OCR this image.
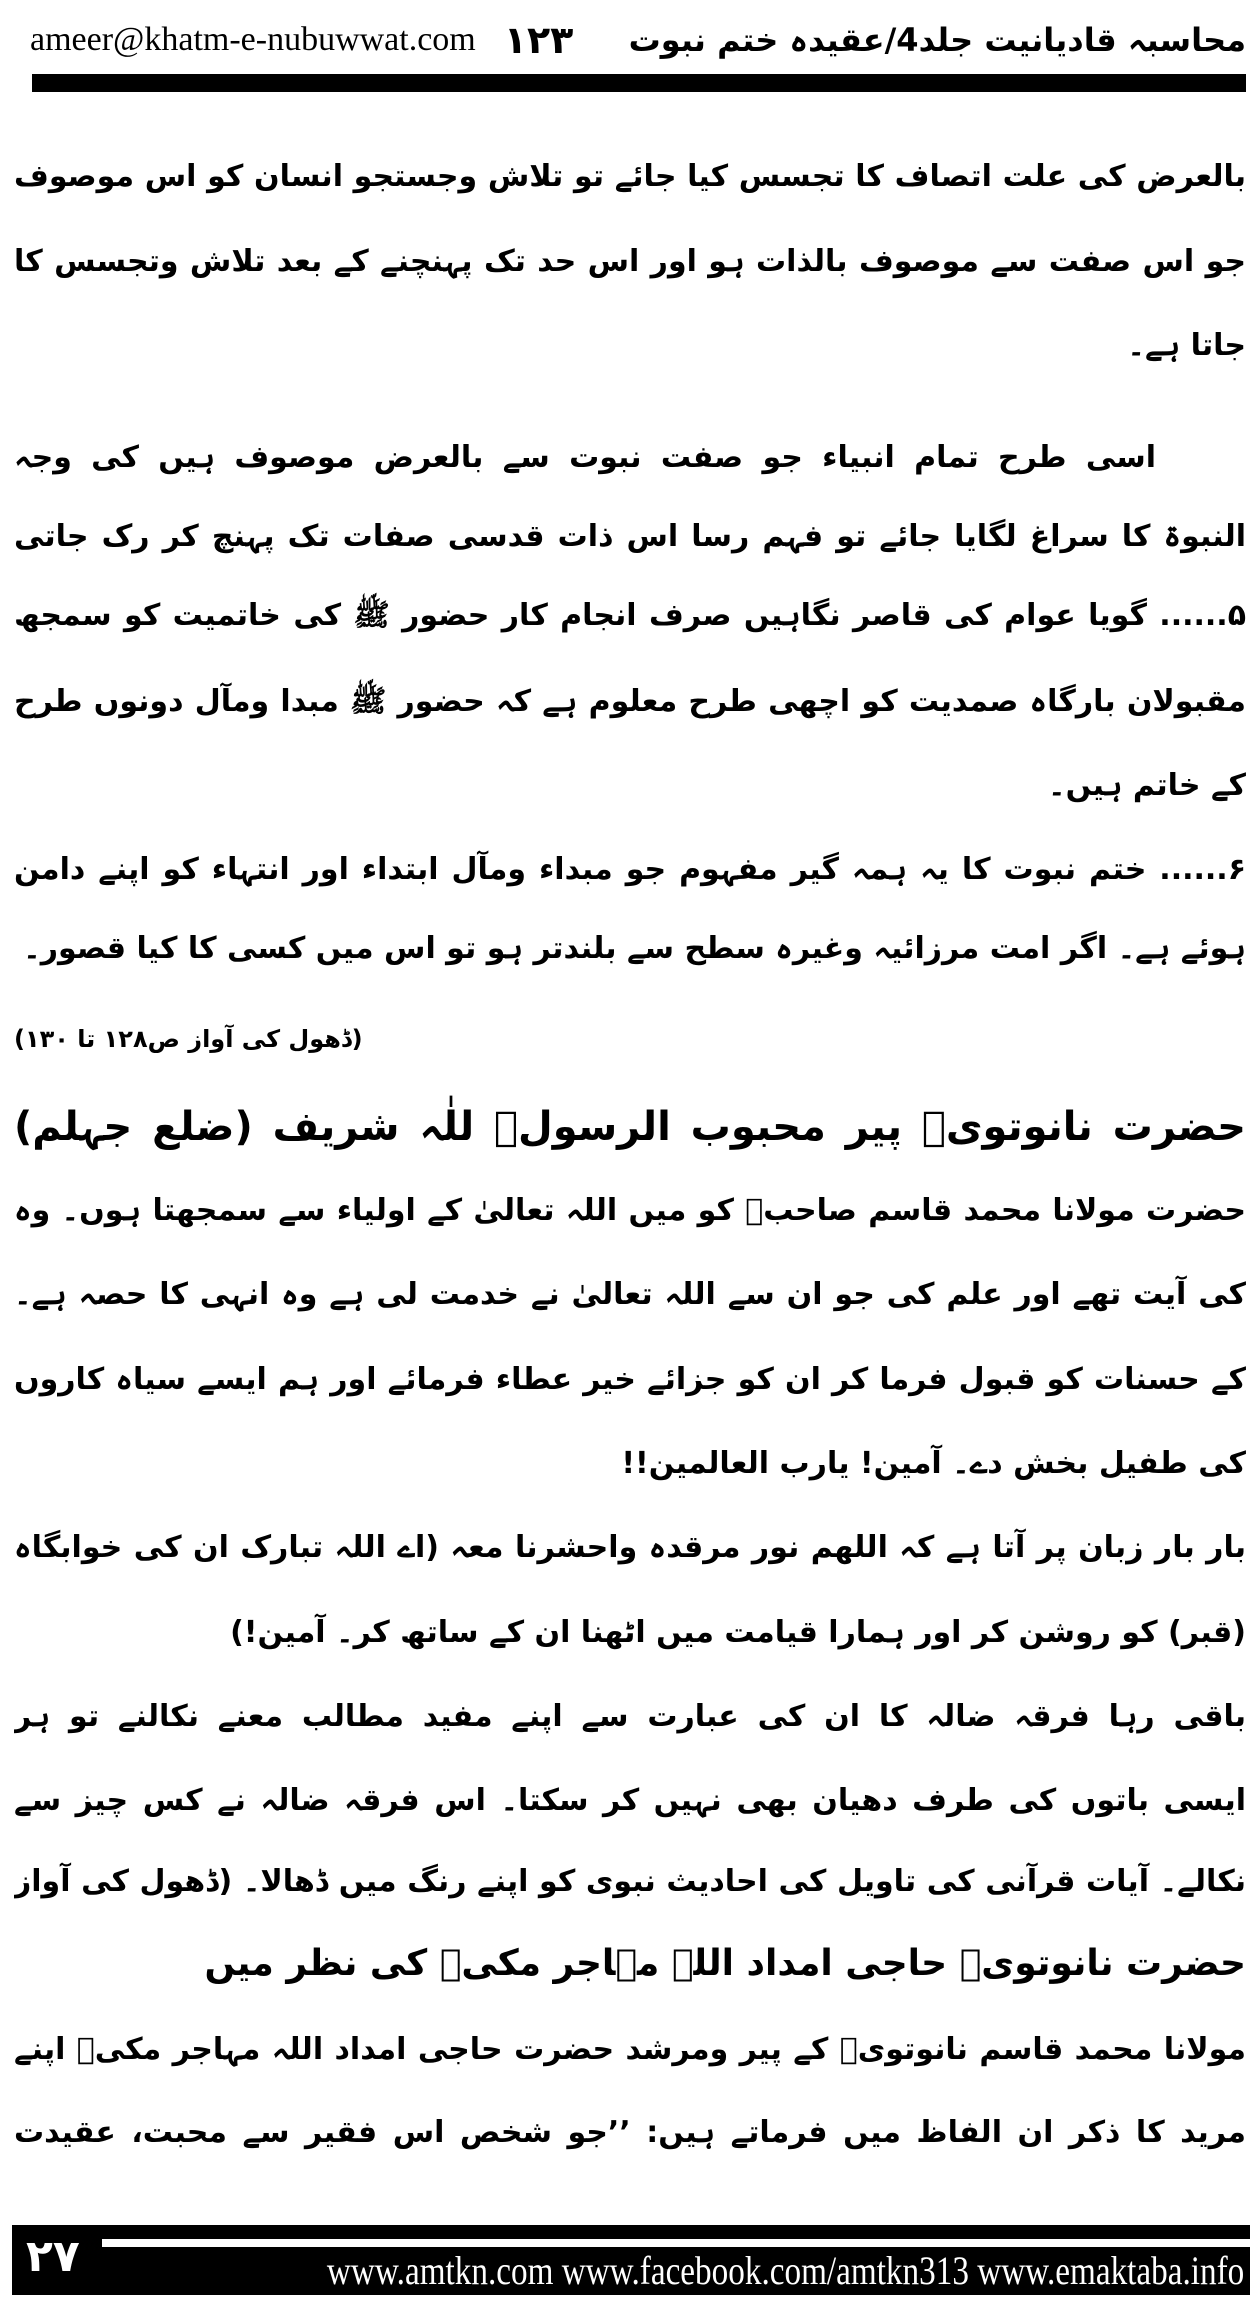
ameer@khatm-e-nubuwwat.com ۱۲۳ محاسبہ قادیانیت جلد4/عقیدہ ختم نبوت
بالعرض کی علت اتصاف کا تجسس کیا جائے تو تلاش وجستجو انسان کو اس موصوف
جو اس صفت سے موصوف بالذات ہو اور اس حد تک پہنچنے کے بعد تلاش وتجسس کا
جاتا ہے۔
اسی طرح تمام انبیاء جو صفت نبوت سے بالعرض موصوف ہیں کی وجہ
النبوۃ کا سراغ لگایا جائے تو فہم رسا اس ذات قدسی صفات تک پہنچ کر رک جاتی
۵...... گویا عوام کی قاصر نگاہیں صرف انجام کار حضور ﷺ کی خاتمیت کو سمجھ
مقبولان بارگاہ صمدیت کو اچھی طرح معلوم ہے کہ حضور ﷺ مبدا ومآل دونوں طرح
کے خاتم ہیں۔
۶...... ختم نبوت کا یہ ہمہ گیر مفہوم جو مبداء ومآل ابتداء اور انتہاء کو اپنے دامن
ہوئے ہے۔ اگر امت مرزائیہ وغیرہ سطح سے بلندتر ہو تو اس میں کسی کا کیا قصور۔
(ڈھول کی آواز ص۱۲۸ تا ۱۳۰)
حضرت نانوتویؒ پیر محبوب الرسولؒ للٰہ شریف (ضلع جہلم)
حضرت مولانا محمد قاسم صاحبؒ کو میں اللہ تعالیٰ کے اولیاء سے سمجھتا ہوں۔ وہ
کی آیت تھے اور علم کی جو ان سے اللہ تعالیٰ نے خدمت لی ہے وہ انہی کا حصہ ہے۔
کے حسنات کو قبول فرما کر ان کو جزائے خیر عطاء فرمائے اور ہم ایسے سیاہ کاروں
کی طفیل بخش دے۔ آمین! یارب العالمین!!
بار بار زبان پر آتا ہے کہ اللھم نور مرقدہ واحشرنا معہ (اے اللہ تبارک ان کی خوابگاہ
(قبر) کو روشن کر اور ہمارا قیامت میں اٹھنا ان کے ساتھ کر۔ آمین!)
باقی رہا فرقہ ضالہ کا ان کی عبارت سے اپنے مفید مطالب معنے نکالنے تو ہر
ایسی باتوں کی طرف دھیان بھی نہیں کر سکتا۔ اس فرقہ ضالہ نے کس چیز سے
نکالے۔ آیات قرآنی کی تاویل کی احادیث نبوی کو اپنے رنگ میں ڈھالا۔ (ڈھول کی آواز
حضرت نانوتویؒ حاجی امداد اللہ مہاجر مکیؒ کی نظر میں
مولانا محمد قاسم نانوتویؒ کے پیر ومرشد حضرت حاجی امداد اللہ مہاجر مکیؒ اپنے
مرید کا ذکر ان الفاظ میں فرماتے ہیں: ’’جو شخص اس فقیر سے محبت، عقیدت
۲۷	www.amtkn.com www.facebook.com/amtkn313 www.emaktaba.info
